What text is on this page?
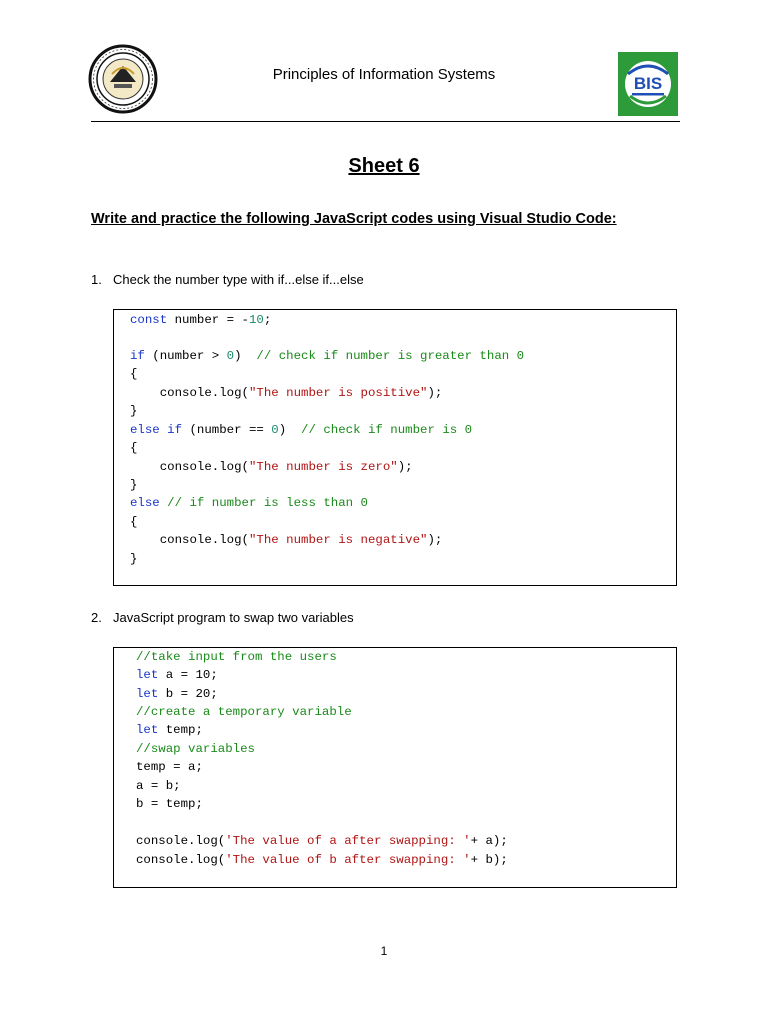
Principles of Information Systems	BIS
Sheet 6
Write and practice the following JavaScript codes using Visual Studio Code:
1. Check the number type with if...else if...else
const number = -10;
if (number > 0)  // check if number is greater than 0
{
console.log("The number is positive");
}
else if (number == 0)  // check if number is 0
{
console.log("The number is zero");
}
else // if number is less than 0
{
console.log("The number is negative");
}
2. JavaScript program to swap two variables
//take input from the users
let a = 10;
let b = 20;
//create a temporary variable
let temp;
//swap variables
temp = a;
a = b;
b = temp;
console.log('The value of a after swapping: '+ a);
console.log('The value of b after swapping: '+ b);
1
